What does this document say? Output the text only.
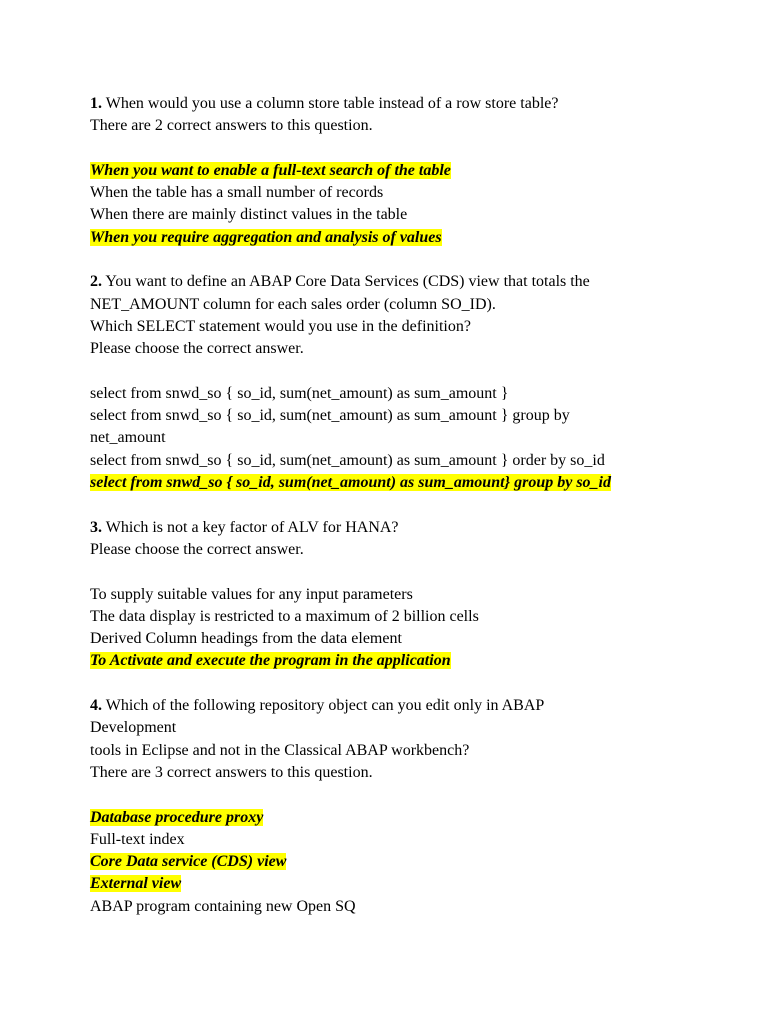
1. When would you use a column store table instead of a row store table?

There are 2 correct answers to this question.

When you want to enable a full-text search of the table

When the table has a small number of records

When there are mainly distinct values in the table

When you require aggregation and analysis of values

2. You want to define an ABAP Core Data Services (CDS) view that totals the

NET_AMOUNT column for each sales order (column SO_ID).

Which SELECT statement would you use in the definition?

Please choose the correct answer.

select from snwd_so { so_id, sum(net_amount) as sum_amount }

select from snwd_so { so_id, sum(net_amount) as sum_amount } group by

net_amount

select from snwd_so { so_id, sum(net_amount) as sum_amount } order by so_id

select from snwd_so { so_id, sum(net_amount) as sum_amount} group by so_id

3. Which is not a key factor of ALV for HANA?

Please choose the correct answer.

To supply suitable values for any input parameters

The data display is restricted to a maximum of 2 billion cells

Derived Column headings from the data element

To Activate and execute the program in the application

4. Which of the following repository object can you edit only in ABAP

Development

tools in Eclipse and not in the Classical ABAP workbench?

There are 3 correct answers to this question.

Database procedure proxy

Full-text index

Core Data service (CDS) view

External view

ABAP program containing new Open SQ
